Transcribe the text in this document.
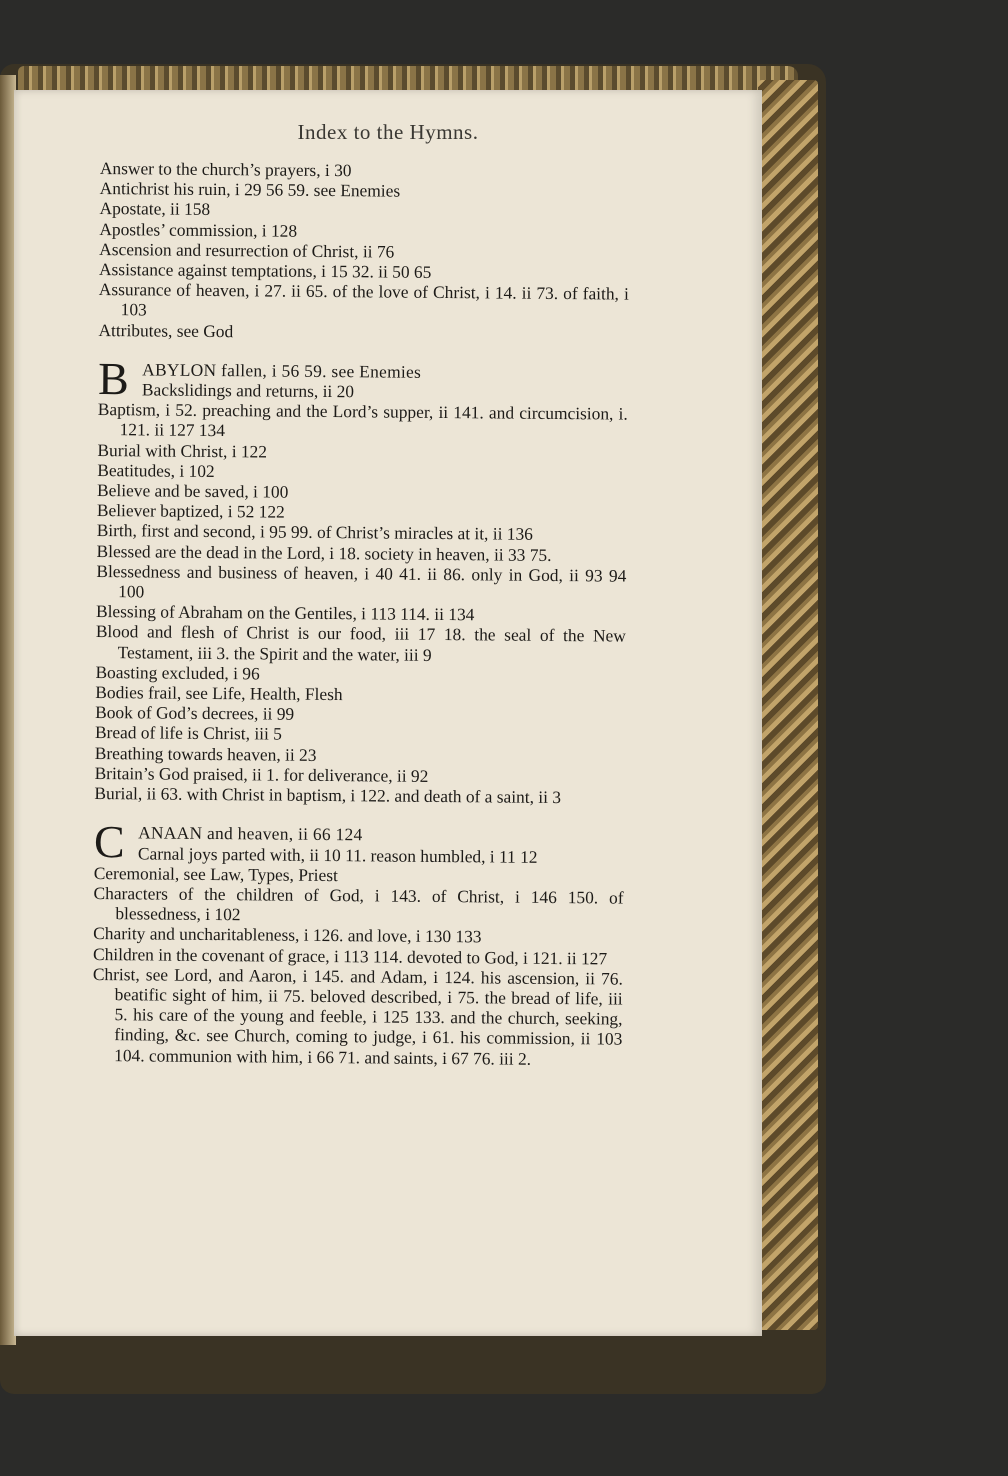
Index to the Hymns.

Answer to the church’s prayers, i 30

Antichrist his ruin, i 29 56 59. see Enemies

Apostate, ii 158

Apostles’ commission, i 128

Ascension and resurrection of Christ, ii 76

Assistance against temptations, i 15 32. ii 50 65

Assurance of heaven, i 27. ii 65. of the love of Christ, i 14. ii 73. of faith, i 103

Attributes, see God

B ABYLON fallen, i 56 59. see Enemies

Backslidings and returns, ii 20

Baptism, i 52. preaching and the Lord’s supper, ii 141. and circumcision, i. 121. ii 127 134

Burial with Christ, i 122

Beatitudes, i 102

Believe and be saved, i 100

Believer baptized, i 52 122

Birth, first and second, i 95 99. of Christ’s miracles at it, ii 136

Blessed are the dead in the Lord, i 18. society in heaven, ii 33 75.

Blessedness and business of heaven, i 40 41. ii 86. only in God, ii 93 94 100

Blessing of Abraham on the Gentiles, i 113 114. ii 134

Blood and flesh of Christ is our food, iii 17 18. the seal of the New Testament, iii 3. the Spirit and the water, iii 9

Boasting excluded, i 96

Bodies frail, see Life, Health, Flesh

Book of God’s decrees, ii 99

Bread of life is Christ, iii 5

Breathing towards heaven, ii 23

Britain’s God praised, ii 1. for deliverance, ii 92

Burial, ii 63. with Christ in baptism, i 122. and death of a saint, ii 3

C ANAAN and heaven, ii 66 124

Carnal joys parted with, ii 10 11. reason humbled, i 11 12

Ceremonial, see Law, Types, Priest

Characters of the children of God, i 143. of Christ, i 146 150. of blessedness, i 102

Charity and uncharitableness, i 126. and love, i 130 133

Children in the covenant of grace, i 113 114. devoted to God, i 121. ii 127

Christ, see Lord, and Aaron, i 145. and Adam, i 124. his ascension, ii 76. beatific sight of him, ii 75. beloved described, i 75. the bread of life, iii 5. his care of the young and feeble, i 125 133. and the church, seeking, finding, &c. see Church, coming to judge, i 61. his commission, ii 103 104. communion with him, i 66 71. and saints, i 67 76. iii 2.
